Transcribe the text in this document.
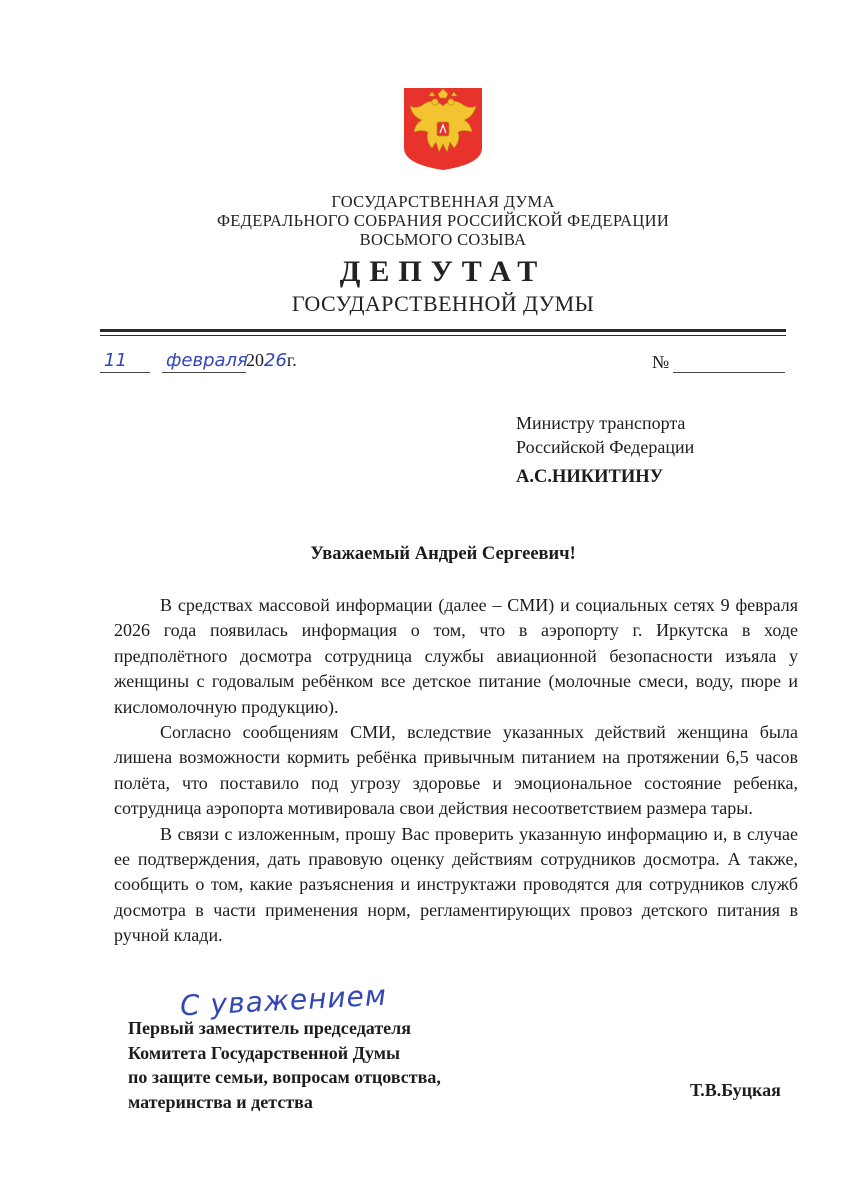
ГОСУДАРСТВЕННАЯ ДУМА
ФЕДЕРАЛЬНОГО СОБРАНИЯ РОССИЙСКОЙ ФЕДЕРАЦИИ
ВОСЬМОГО СОЗЫВА
ДЕПУТАТ
ГОСУДАРСТВЕННОЙ ДУМЫ
11 февраля2026г.	№
Министру транспорта
Российской Федерации
А.С.НИКИТИНУ
Уважаемый Андрей Сергеевич!

В средствах массовой информации (далее – СМИ) и социальных сетях 9 февраля 2026 года появилась информация о том, что в аэропорту г. Иркутска в ходе предполётного досмотра сотрудница службы авиационной безопасности изъяла у женщины с годовалым ребёнком все детское питание (молочные смеси, воду, пюре и кисломолочную продукцию).

Согласно сообщениям СМИ, вследствие указанных действий женщина была лишена возможности кормить ребёнка привычным питанием на протяжении 6,5 часов полёта, что поставило под угрозу здоровье и эмоциональное состояние ребенка, сотрудница аэропорта мотивировала свои действия несоответствием размера тары.

В связи с изложенным, прошу Вас проверить указанную информацию и, в случае ее подтверждения, дать правовую оценку действиям сотрудников досмотра. А также, сообщить о том, какие разъяснения и инструктажи проводятся для сотрудников служб досмотра в части применения норм, регламентирующих провоз детского питания в ручной клади.

С уважением
Первый заместитель председателя
Комитета Государственной Думы
по защите семьи, вопросам отцовства,
материнства и детства
Т.В.Буцкая
